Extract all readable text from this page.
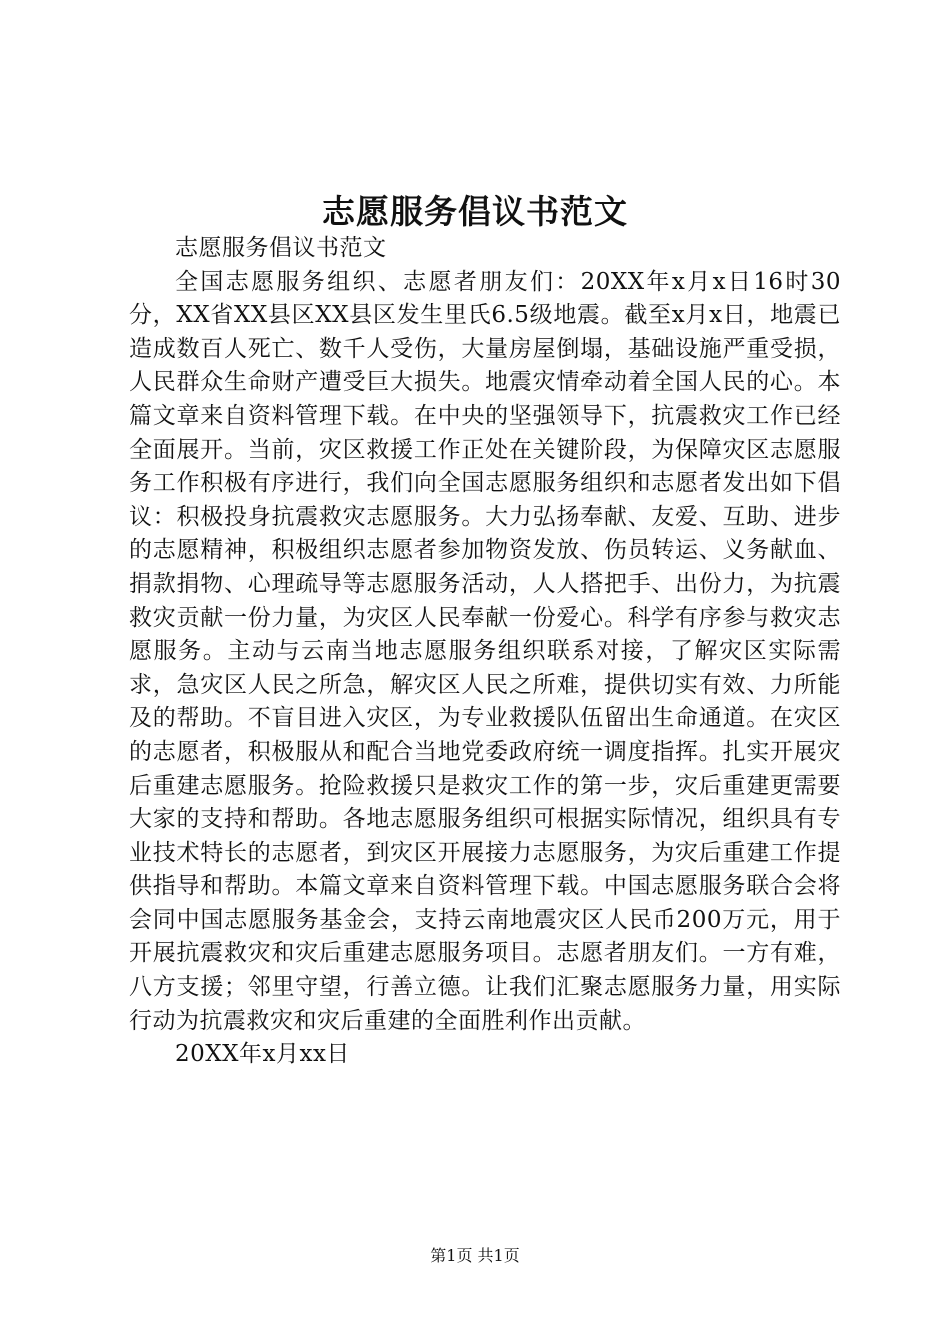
志愿服务倡议书范文

志愿服务倡议书范文

全国志愿服务组织、志愿者朋友们：20XX年x月x日16时30分，XX省XX县区XX县区发生里氏6.5级地震。截至x月x日，地震已造成数百人死亡、数千人受伤，大量房屋倒塌，基础设施严重受损，人民群众生命财产遭受巨大损失。地震灾情牵动着全国人民的心。本篇文章来自资料管理下载。在中央的坚强领导下，抗震救灾工作已经全面展开。当前，灾区救援工作正处在关键阶段，为保障灾区志愿服务工作积极有序进行，我们向全国志愿服务组织和志愿者发出如下倡议：积极投身抗震救灾志愿服务。大力弘扬奉献、友爱、互助、进步的志愿精神，积极组织志愿者参加物资发放、伤员转运、义务献血、捐款捐物、心理疏导等志愿服务活动，人人搭把手、出份力，为抗震救灾贡献一份力量，为灾区人民奉献一份爱心。科学有序参与救灾志愿服务。主动与云南当地志愿服务组织联系对接，了解灾区实际需求，急灾区人民之所急，解灾区人民之所难，提供切实有效、力所能及的帮助。不盲目进入灾区，为专业救援队伍留出生命通道。在灾区的志愿者，积极服从和配合当地党委政府统一调度指挥。扎实开展灾后重建志愿服务。抢险救援只是救灾工作的第一步，灾后重建更需要大家的支持和帮助。各地志愿服务组织可根据实际情况，组织具有专业技术特长的志愿者，到灾区开展接力志愿服务，为灾后重建工作提供指导和帮助。本篇文章来自资料管理下载。中国志愿服务联合会将会同中国志愿服务基金会，支持云南地震灾区人民币200万元，用于开展抗震救灾和灾后重建志愿服务项目。志愿者朋友们。一方有难，八方支援；邻里守望，行善立德。让我们汇聚志愿服务力量，用实际行动为抗震救灾和灾后重建的全面胜利作出贡献。

20XX年x月xx日

第1页 共1页
